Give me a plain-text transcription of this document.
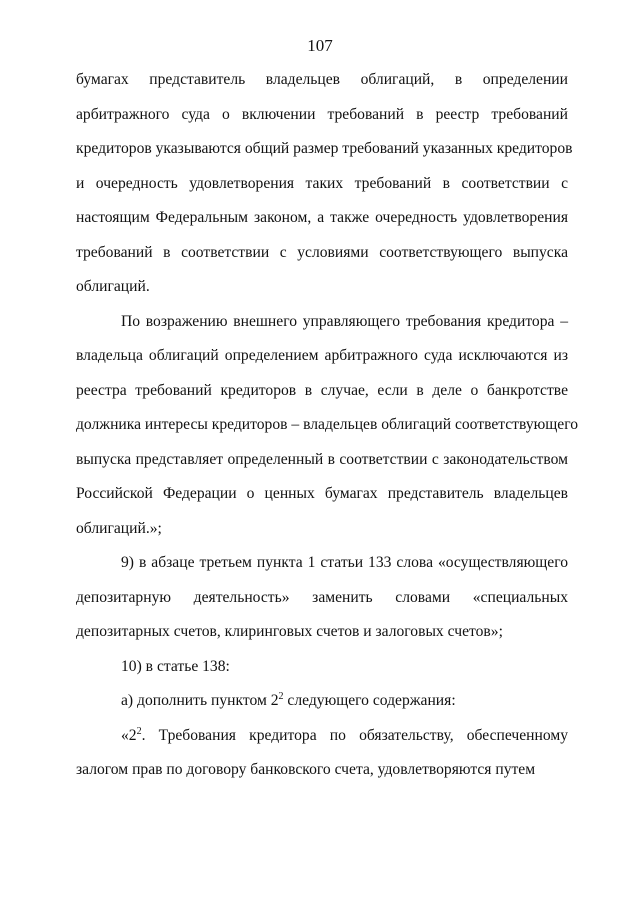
107
бумагах представитель владельцев облигаций, в определении
арбитражного суда о включении требований в реестр требований
кредиторов указываются общий размер требований указанных кредиторов
и очередность удовлетворения таких требований в соответствии с
настоящим Федеральным законом, а также очередность удовлетворения
требований в соответствии с условиями соответствующего выпуска
облигаций.
По возражению внешнего управляющего требования кредитора –
владельца облигаций определением арбитражного суда исключаются из
реестра требований кредиторов в случае, если в деле о банкротстве
должника интересы кредиторов – владельцев облигаций соответствующего
выпуска представляет определенный в соответствии с законодательством
Российской Федерации о ценных бумагах представитель владельцев
облигаций.»;
9) в абзаце третьем пункта 1 статьи 133 слова «осуществляющего
депозитарную деятельность» заменить словами «специальных
депозитарных счетов, клиринговых счетов и залоговых счетов»;
10) в статье 138:
а) дополнить пунктом $2^2$ следующего содержания:
«$2^2$. Требования кредитора по обязательству, обеспеченному
залогом прав по договору банковского счета, удовлетворяются путем
